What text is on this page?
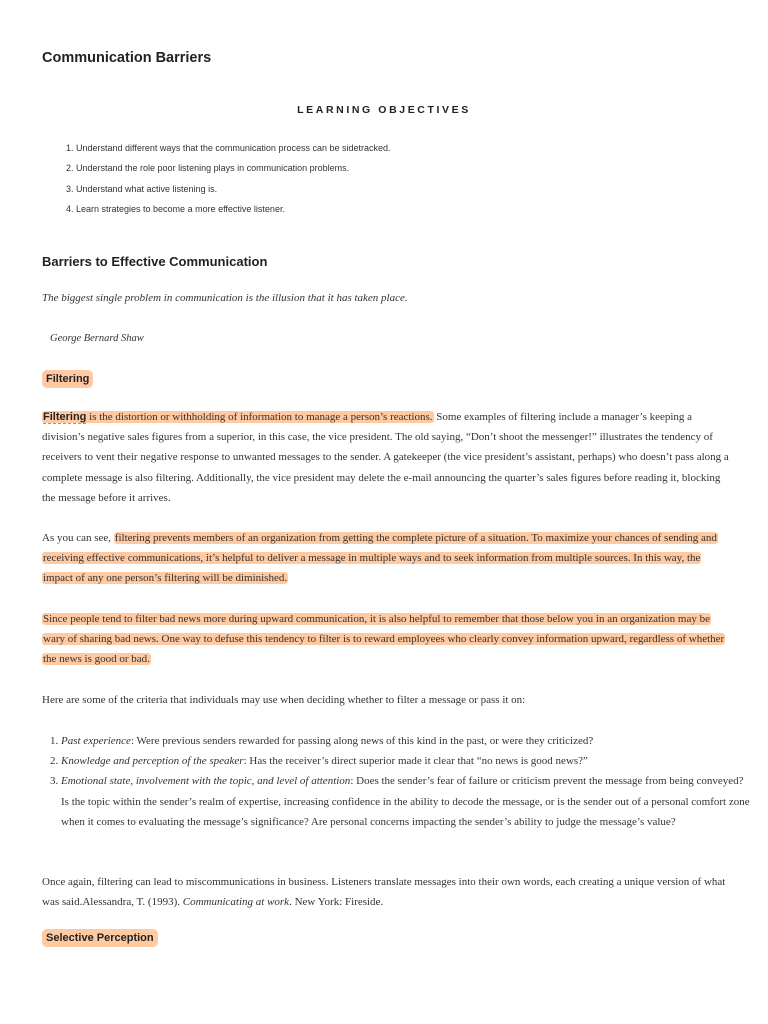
Communication Barriers
LEARNING OBJECTIVES
1. Understand different ways that the communication process can be sidetracked.
2. Understand the role poor listening plays in communication problems.
3. Understand what active listening is.
4. Learn strategies to become a more effective listener.
Barriers to Effective Communication

The biggest single problem in communication is the illusion that it has taken place.

George Bernard Shaw

Filtering

Filtering is the distortion or withholding of information to manage a person’s reactions. Some examples of filtering include a manager’s keeping a division’s negative sales figures from a superior, in this case, the vice president. The old saying, “Don’t shoot the messenger!” illustrates the tendency of receivers to vent their negative response to unwanted messages to the sender. A gatekeeper (the vice president’s assistant, perhaps) who doesn’t pass along a complete message is also filtering. Additionally, the vice president may delete the e-mail announcing the quarter’s sales figures before reading it, blocking the message before it arrives.

As you can see, filtering prevents members of an organization from getting the complete picture of a situation. To maximize your chances of sending and receiving effective communications, it’s helpful to deliver a message in multiple ways and to seek information from multiple sources. In this way, the impact of any one person’s filtering will be diminished.

Since people tend to filter bad news more during upward communication, it is also helpful to remember that those below you in an organization may be wary of sharing bad news. One way to defuse this tendency to filter is to reward employees who clearly convey information upward, regardless of whether the news is good or bad.

Here are some of the criteria that individuals may use when deciding whether to filter a message or pass it on:

1. Past experience: Were previous senders rewarded for passing along news of this kind in the past, or were they criticized?
2. Knowledge and perception of the speaker: Has the receiver’s direct superior made it clear that “no news is good news?”
3. Emotional state, involvement with the topic, and level of attention: Does the sender’s fear of failure or criticism prevent the message from being conveyed? Is the topic within the sender’s realm of expertise, increasing confidence in the ability to decode the message, or is the sender out of a personal comfort zone when it comes to evaluating the message’s significance? Are personal concerns impacting the sender’s ability to judge the message’s value?

Once again, filtering can lead to miscommunications in business. Listeners translate messages into their own words, each creating a unique version of what was said.Alessandra, T. (1993). Communicating at work. New York: Fireside.

Selective Perception
